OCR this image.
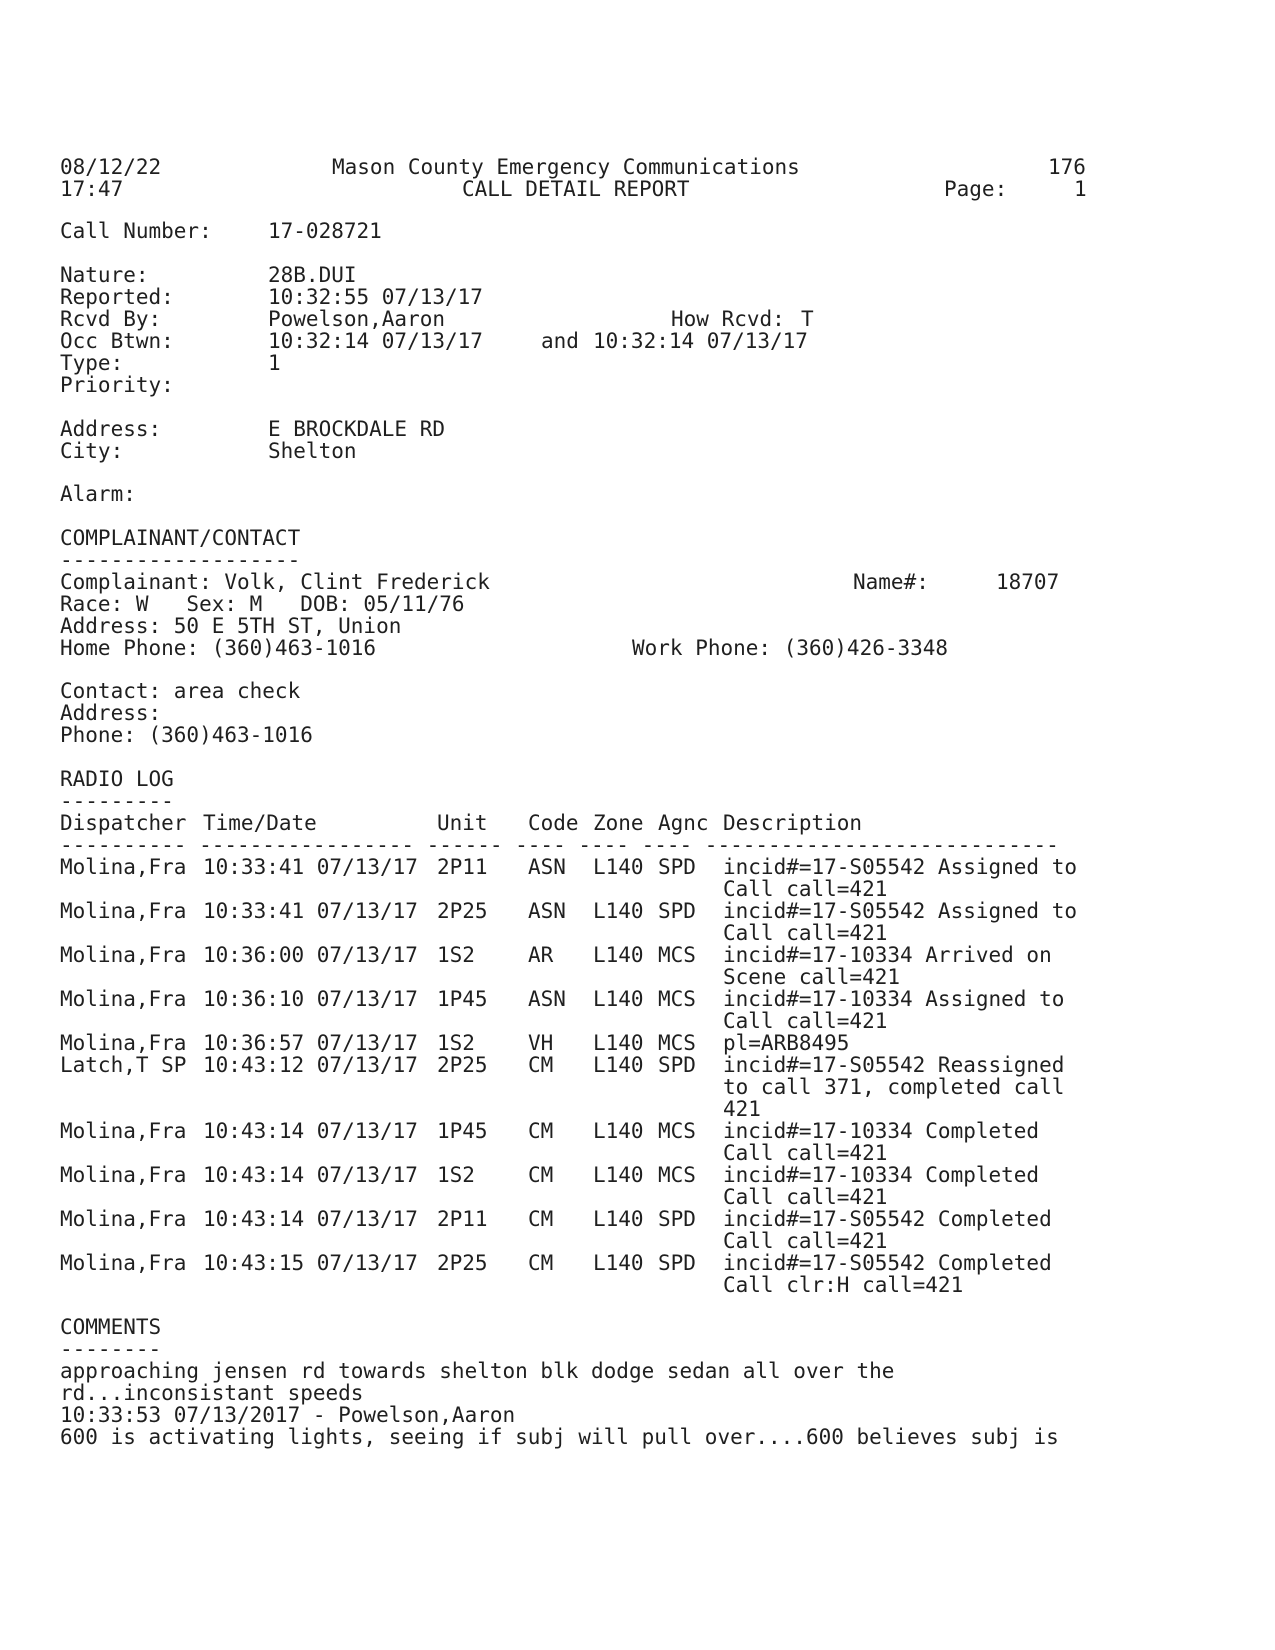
08/12/22
17:47
Mason County Emergency Communications
CALL DETAIL REPORT
176
Page:	1
Call Number:	17-028721
Nature:	28B.DUI
Reported:	10:32:55 07/13/17
Rcvd By:	Powelson,Aaron	How Rcvd: T
Occ Btwn:	10:32:14 07/13/17	and 10:32:14 07/13/17
Type:	1
Priority:
Address:	E BROCKDALE RD
City:	Shelton
Alarm:
COMPLAINANT/CONTACT
-------------------
Complainant: Volk, Clint Frederick	Name#:	18707
Race: W   Sex: M   DOB: 05/11/76
Address: 50 E 5TH ST, Union
Home Phone: (360)463-1016	Work Phone: (360)426-3348
Contact: area check
Address:
Phone: (360)463-1016
RADIO LOG
---------
Dispatcher Time/Date	Unit Code Zone Agnc Description
---------- ----------------- ------ ---- ---- ---- ----------------------------
Molina,Fra 10:33:41 07/13/17 2P11 ASN L140 SPD incid#=17-S05542 Assigned to
Call call=421
Molina,Fra 10:33:41 07/13/17 2P25 ASN L140 SPD incid#=17-S05542 Assigned to
Call call=421
Molina,Fra 10:36:00 07/13/17 1S2	AR L140 MCS incid#=17-10334 Arrived on
Scene call=421
Molina,Fra 10:36:10 07/13/17 1P45 ASN L140 MCS incid#=17-10334 Assigned to
Call call=421
Molina,Fra 10:36:57 07/13/17 1S2	VH L140 MCS pl=ARB8495
Latch,T SP 10:43:12 07/13/17 2P25 CM L140 SPD incid#=17-S05542 Reassigned
to call 371, completed call
421
Molina,Fra 10:43:14 07/13/17 1P45 CM L140 MCS incid#=17-10334 Completed
Call call=421
Molina,Fra 10:43:14 07/13/17 1S2	CM L140 MCS incid#=17-10334 Completed
Call call=421
Molina,Fra 10:43:14 07/13/17 2P11 CM L140 SPD incid#=17-S05542 Completed
Call call=421
Molina,Fra 10:43:15 07/13/17 2P25 CM L140 SPD incid#=17-S05542 Completed
Call clr:H call=421
COMMENTS
--------
approaching jensen rd towards shelton blk dodge sedan all over the
rd...inconsistant speeds
10:33:53 07/13/2017 - Powelson,Aaron
600 is activating lights, seeing if subj will pull over....600 believes subj is
